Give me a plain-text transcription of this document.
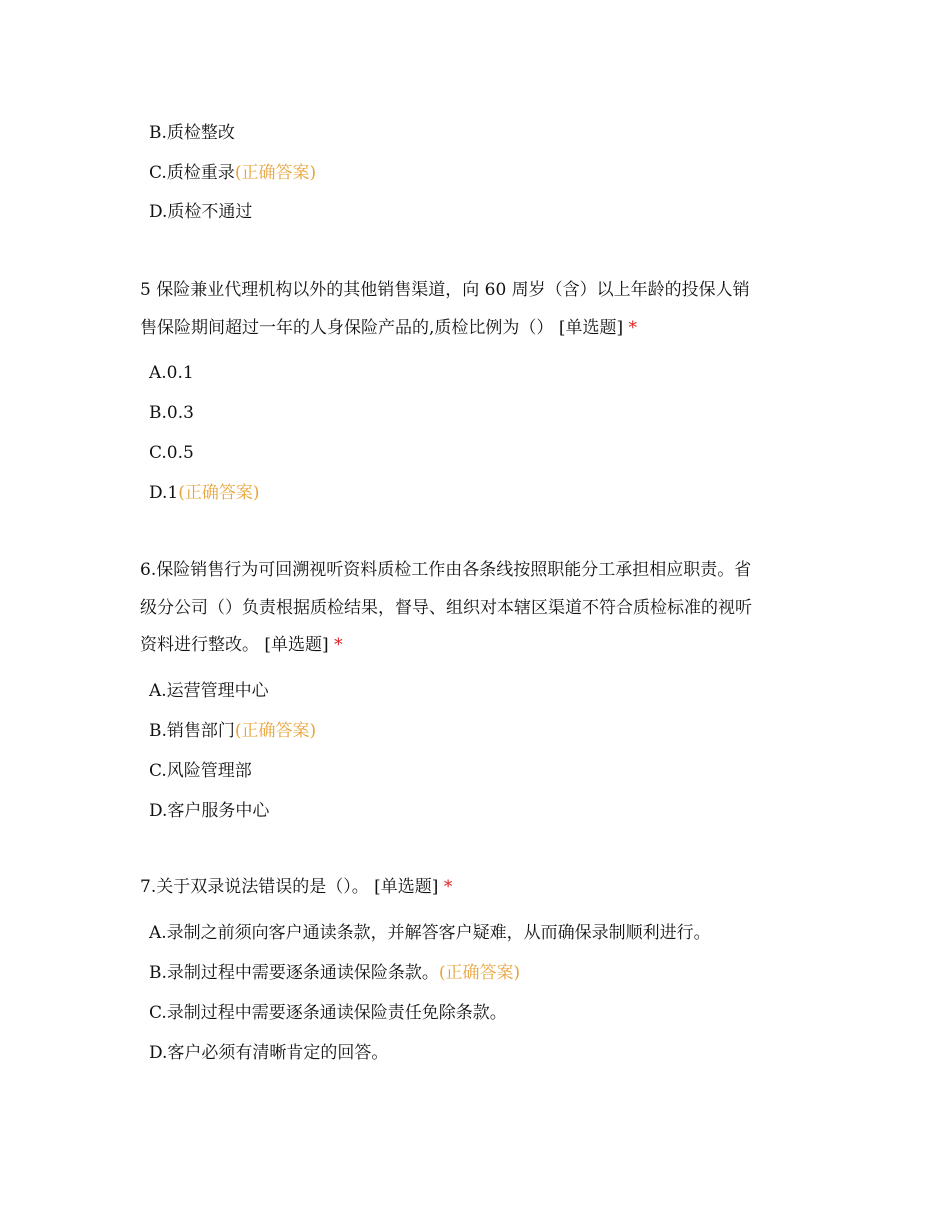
B.质检整改
C.质检重录(正确答案)
D.质检不通过
5 保险兼业代理机构以外的其他销售渠道，向 60 周岁（含）以上年龄的投保人销
售保险期间超过一年的人身保险产品的,质检比例为（） [单选题] *
A.0.1
B.0.3
C.0.5
D.1(正确答案)
6.保险销售行为可回溯视听资料质检工作由各条线按照职能分工承担相应职责。省
级分公司（）负责根据质检结果，督导、组织对本辖区渠道不符合质检标准的视听
资料进行整改。 [单选题] *
A.运营管理中心
B.销售部门(正确答案)
C.风险管理部
D.客户服务中心
7.关于双录说法错误的是（）。 [单选题] *
A.录制之前须向客户通读条款，并解答客户疑难，从而确保录制顺利进行。
B.录制过程中需要逐条通读保险条款。(正确答案)
C.录制过程中需要逐条通读保险责任免除条款。
D.客户必须有清晰肯定的回答。
